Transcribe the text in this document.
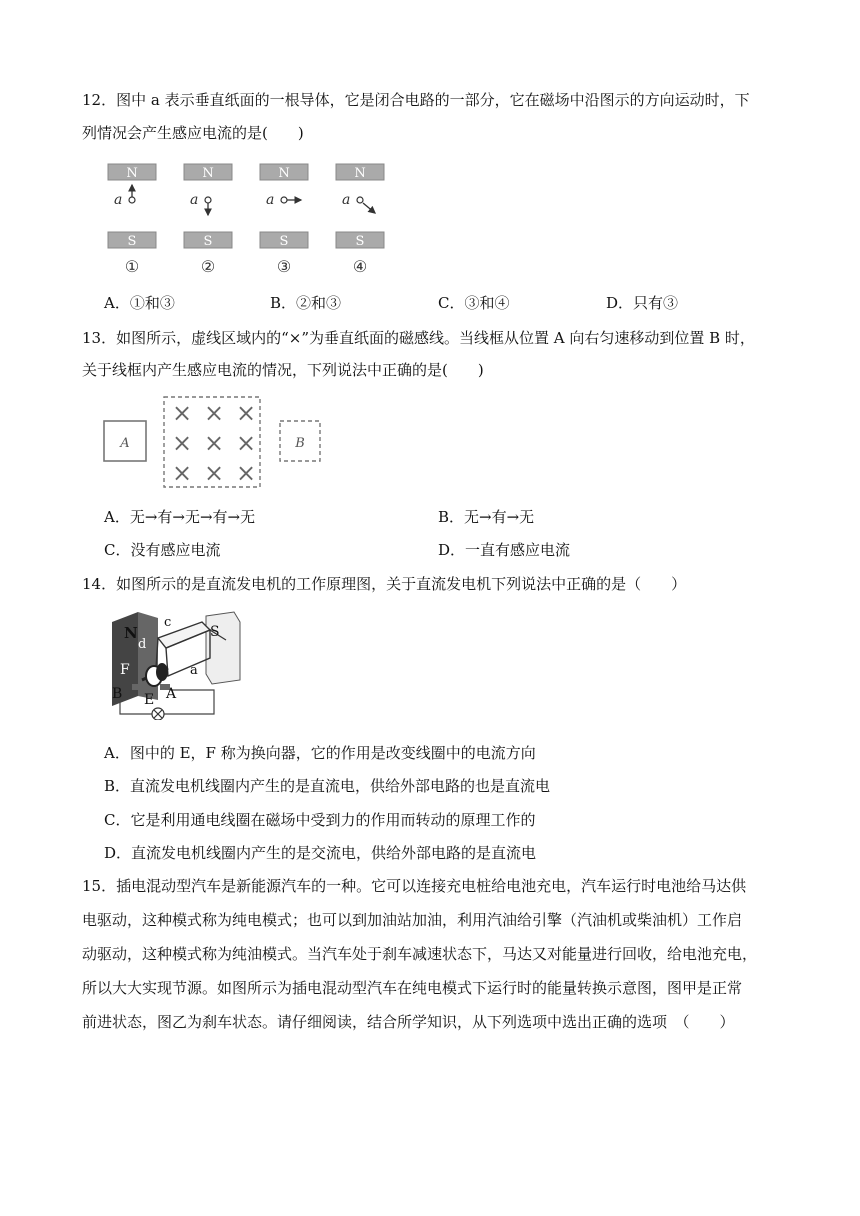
12．图中 a 表示垂直纸面的一根导体，它是闭合电路的一部分，它在磁场中沿图示的方向运动时，下
列情况会产生感应电流的是(　　)
N
S
a
①
N
S
a
②
N
S
a
③
N
S
a
④
A．①和③	B．②和③	C．③和④	D．只有③
13．如图所示，虚线区域内的“×”为垂直纸面的磁感线。当线框从位置 A 向右匀速移动到位置 B 时，
关于线框内产生感应电流的情况，下列说法中正确的是(　　)
A
× × ×
× × ×
× × ×
B
A．无→有→无→有→无	B．无→有→无
C．没有感应电流	D．一直有感应电流
14．如图所示的是直流发电机的工作原理图，关于直流发电机下列说法中正确的是（　　）
N
c
d
S
a
F
B E A
A．图中的 E，F 称为换向器，它的作用是改变线圈中的电流方向
B．直流发电机线圈内产生的是直流电，供给外部电路的也是直流电
C．它是利用通电线圈在磁场中受到力的作用而转动的原理工作的
D．直流发电机线圈内产生的是交流电，供给外部电路的是直流电
15．插电混动型汽车是新能源汽车的一种。它可以连接充电桩给电池充电，汽车运行时电池给马达供
电驱动，这种模式称为纯电模式；也可以到加油站加油，利用汽油给引擎（汽油机或柴油机）工作启
动驱动，这种模式称为纯油模式。当汽车处于刹车减速状态下，马达又对能量进行回收，给电池充电，
所以大大实现节源。如图所示为插电混动型汽车在纯电模式下运行时的能量转换示意图，图甲是正常
前进状态，图乙为刹车状态。请仔细阅读，结合所学知识，从下列选项中选出正确的选项　（　　）
